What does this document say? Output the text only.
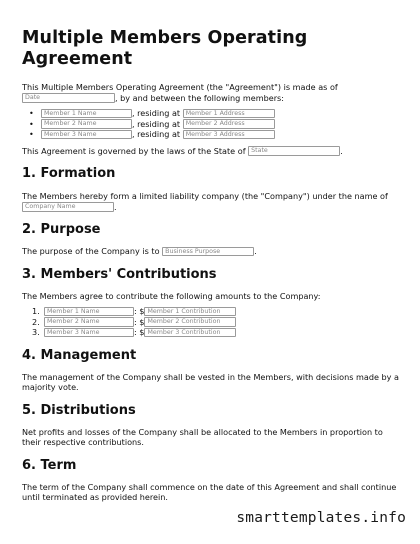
Multiple Members Operating
Agreement

This Multiple Members Operating Agreement (the "Agreement") is made as of
Date	, by and between the following members:

• Member 1 Name	, residing at Member 1 Address
• Member 2 Name	, residing at Member 2 Address
• Member 3 Name	, residing at Member 3 Address

This Agreement is governed by the laws of the State of State	.

1. Formation

The Members hereby form a limited liability company (the "Company") under the name of
Company Name	.

2. Purpose

The purpose of the Company is to Business Purpose	.

3. Members' Contributions

The Members agree to contribute the following amounts to the Company:

1. Member 1 Name	: $ Member 1 Contribution
2. Member 2 Name	: $ Member 2 Contribution
3. Member 3 Name	: $ Member 3 Contribution
4. Management

The management of the Company shall be vested in the Members, with decisions made by a majority vote.

5. Distributions

Net profits and losses of the Company shall be allocated to the Members in proportion to their respective contributions.

6. Term

The term of the Company shall commence on the date of this Agreement and shall continue until terminated as provided herein.

smarttemplates.info
